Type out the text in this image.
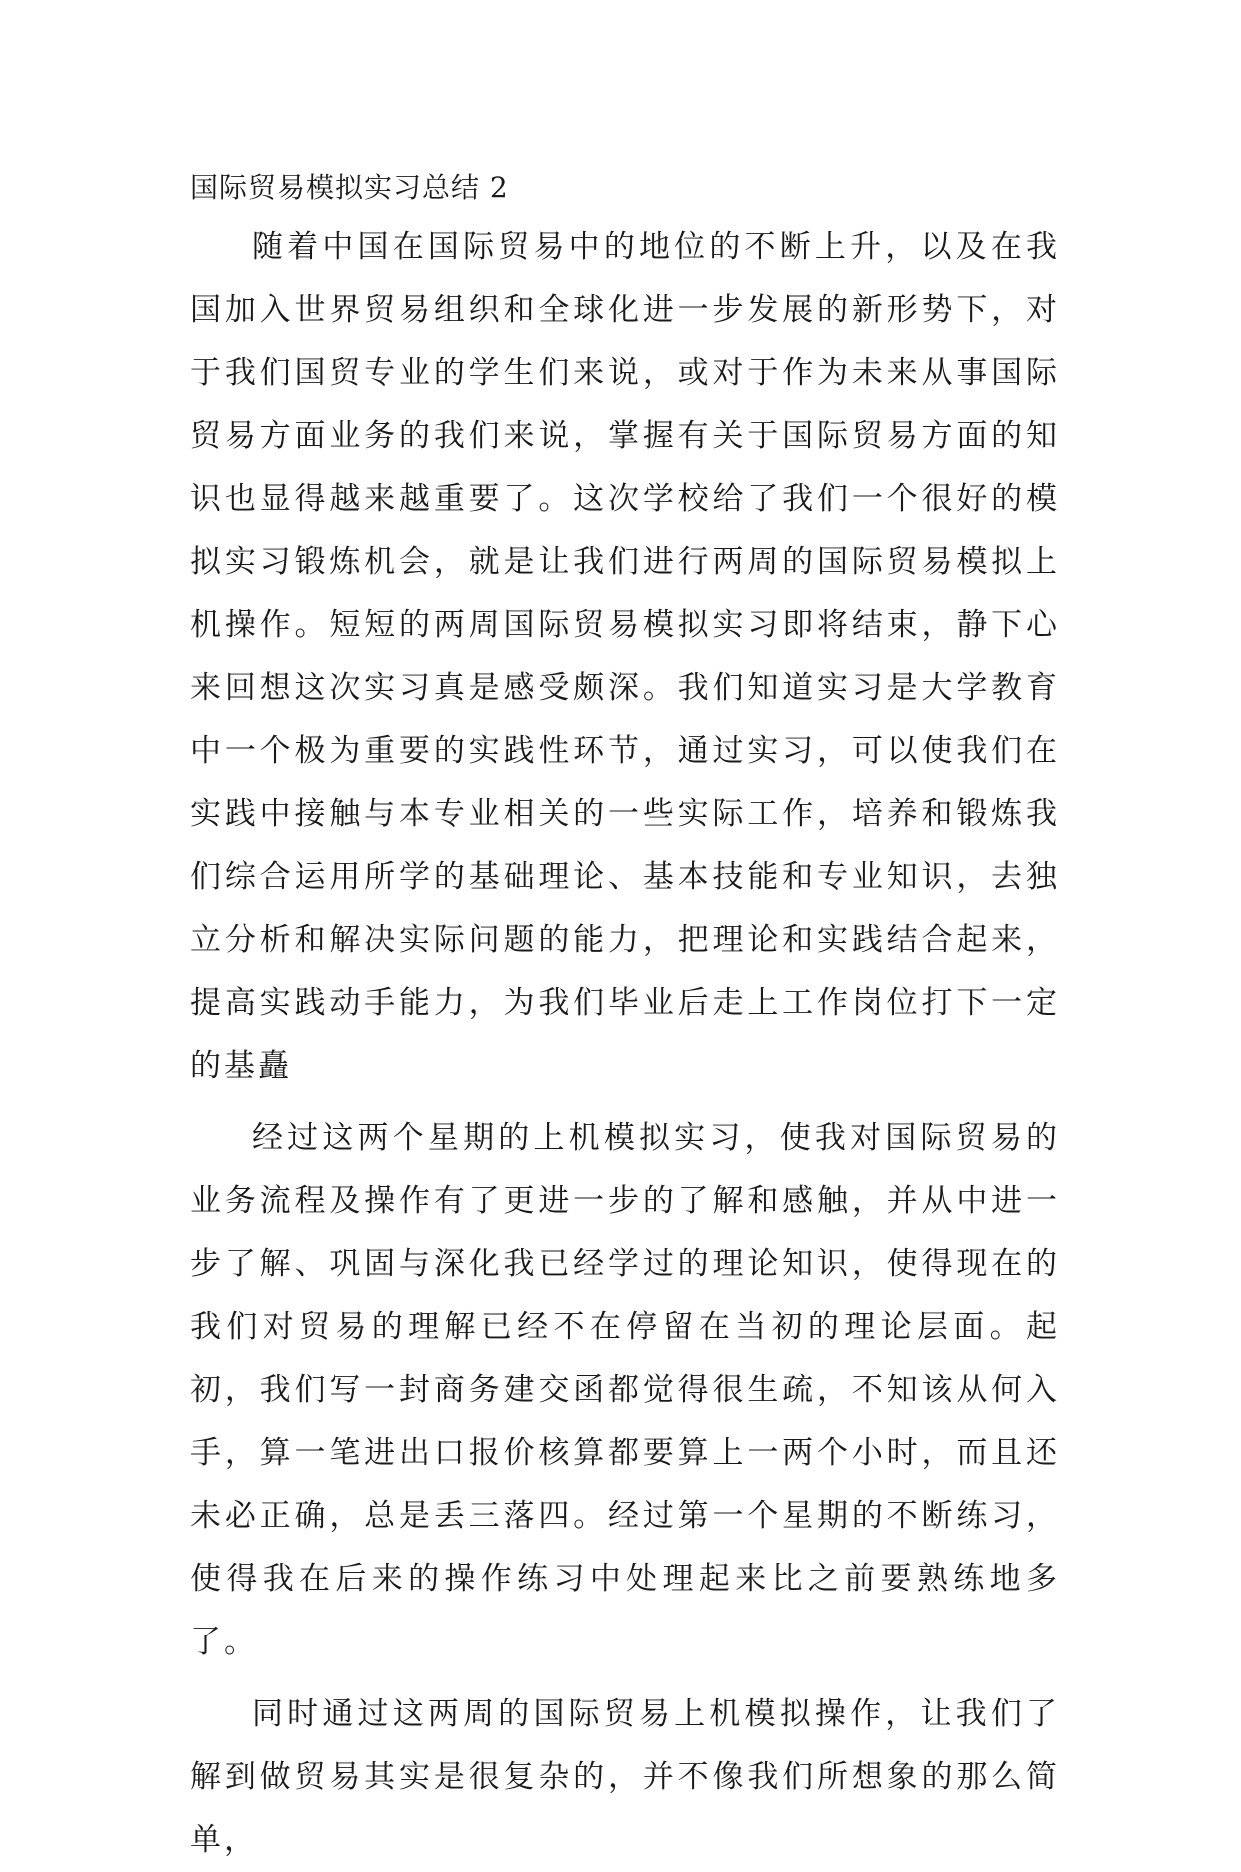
国际贸易模拟实习总结 2

随着中国在国际贸易中的地位的不断上升，以及在我国加入世界贸易组织和全球化进一步发展的新形势下，对于我们国贸专业的学生们来说，或对于作为未来从事国际贸易方面业务的我们来说，掌握有关于国际贸易方面的知识也显得越来越重要了。这次学校给了我们一个很好的模拟实习锻炼机会，就是让我们进行两周的国际贸易模拟上机操作。短短的两周国际贸易模拟实习即将结束，静下心来回想这次实习真是感受颇深。我们知道实习是大学教育中一个极为重要的实践性环节，通过实习，可以使我们在实践中接触与本专业相关的一些实际工作，培养和锻炼我们综合运用所学的基础理论、基本技能和专业知识，去独立分析和解决实际问题的能力，把理论和实践结合起来，提高实践动手能力，为我们毕业后走上工作岗位打下一定的基矗

经过这两个星期的上机模拟实习，使我对国际贸易的业务流程及操作有了更进一步的了解和感触，并从中进一步了解、巩固与深化我已经学过的理论知识，使得现在的我们对贸易的理解已经不在停留在当初的理论层面。起初，我们写一封商务建交函都觉得很生疏，不知该从何入手，算一笔进出口报价核算都要算上一两个小时，而且还未必正确，总是丢三落四。经过第一个星期的不断练习，使得我在后来的操作练习中处理起来比之前要熟练地多了。

同时通过这两周的国际贸易上机模拟操作，让我们了解到做贸易其实是很复杂的，并不像我们所想象的那么简单，
